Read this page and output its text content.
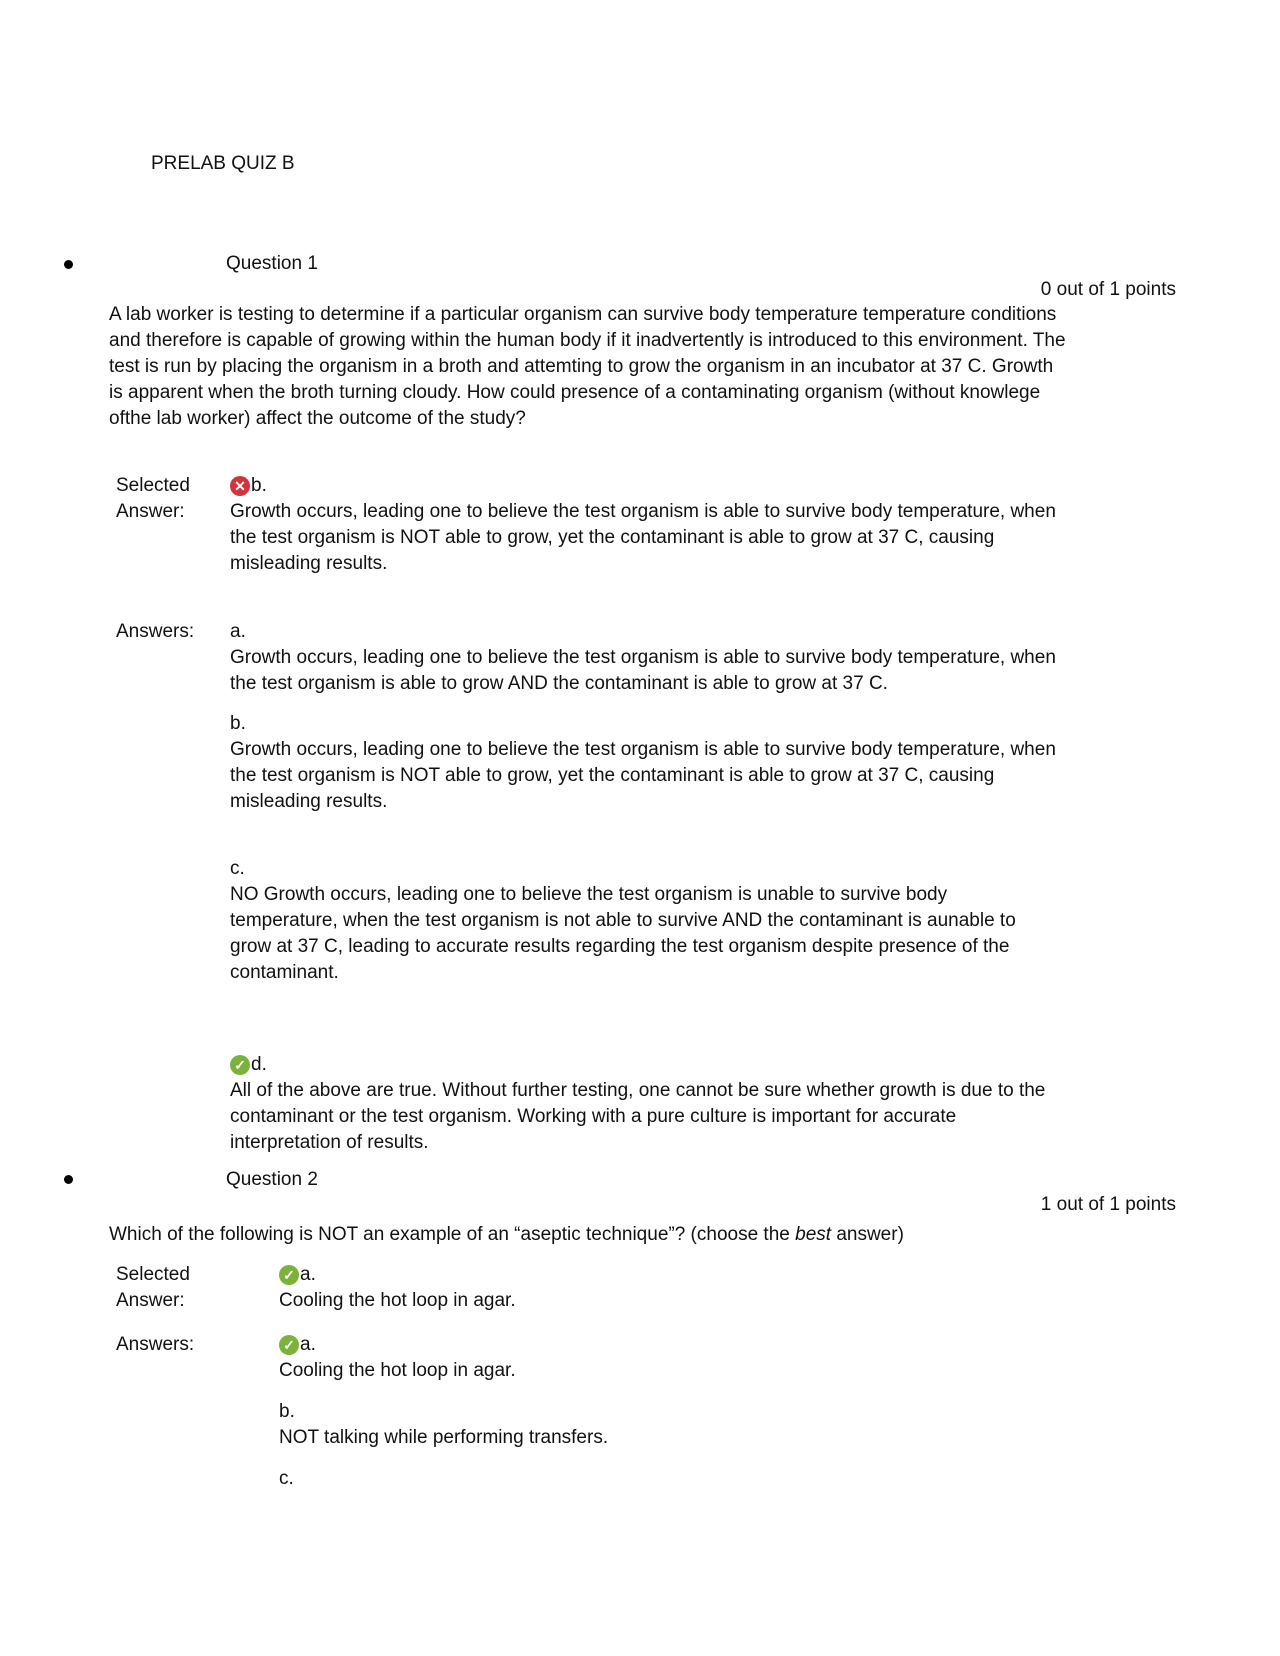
PRELAB QUIZ B
Question 1
0 out of 1 points
A lab worker is testing to determine if a particular organism can survive body temperature temperature conditions and therefore is capable of growing within the human body if it inadvertently is introduced to this environment. The test is run by placing the organism in a broth and attemting to grow the organism in an incubator at 37 C. Growth is apparent when the broth turning cloudy. How could presence of a contaminating organism (without knowlege ofthe lab worker) affect the outcome of the study?
Selected
Answer:
✕ b.
Growth occurs, leading one to believe the test organism is able to survive body temperature, when the test organism is NOT able to grow, yet the contaminant is able to grow at 37 C, causing misleading results.
Answers:	a.
Growth occurs, leading one to believe the test organism is able to survive body temperature, when the test organism is able to grow AND the contaminant is able to grow at 37 C.
b.
Growth occurs, leading one to believe the test organism is able to survive body temperature, when the test organism is NOT able to grow, yet the contaminant is able to grow at 37 C, causing misleading results.
c.
NO Growth occurs, leading one to believe the test organism is unable to survive body temperature, when the test organism is not able to survive AND the contaminant is aunable to grow at 37 C, leading to accurate results regarding the test organism despite presence of the contaminant.
✓ d.
All of the above are true. Without further testing, one cannot be sure whether growth is due to the contaminant or the test organism. Working with a pure culture is important for accurate interpretation of results.
Question 2
1 out of 1 points
Which of the following is NOT an example of an “aseptic technique”? (choose the best answer)
Selected
Answer:
✓ a.
Cooling the hot loop in agar.
Answers:	✓ a.
Cooling the hot loop in agar.
b.
NOT talking while performing transfers.
c.
